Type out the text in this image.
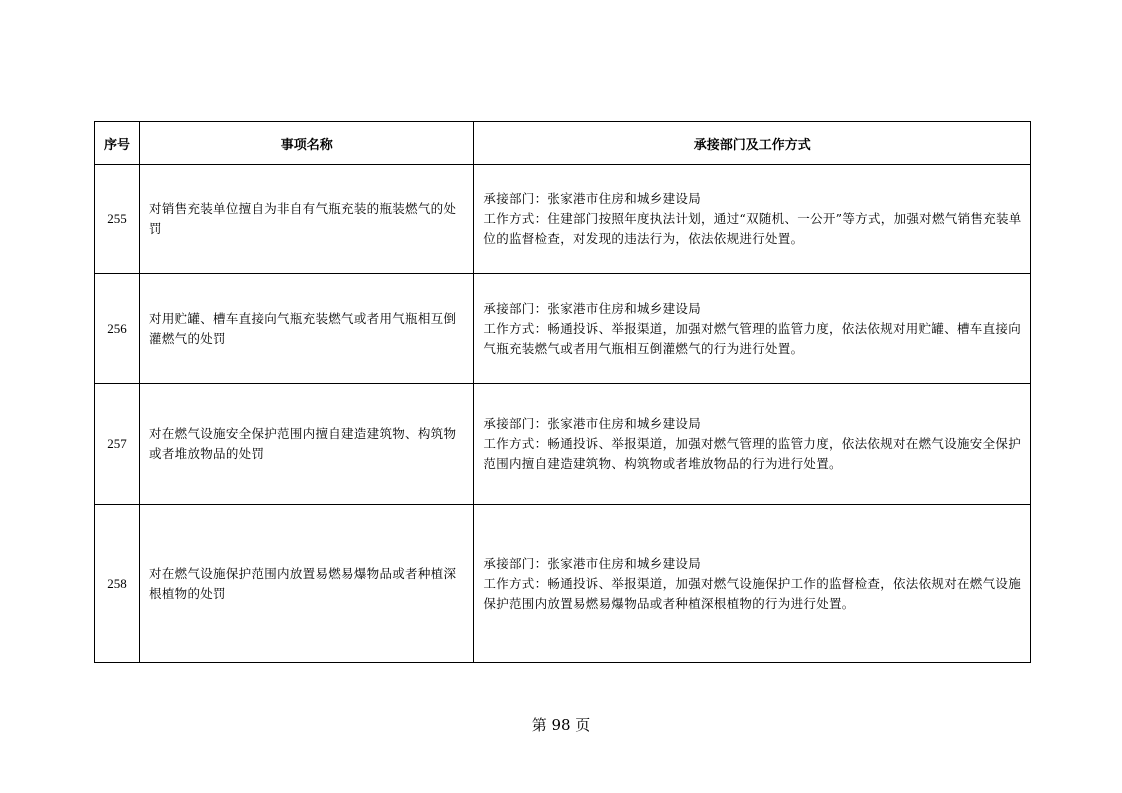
序号	事项名称	承接部门及工作方式
255	对销售充装单位擅自为非自有气瓶充装的瓶装燃气的处罚	承接部门：张家港市住房和城乡建设局
工作方式：住建部门按照年度执法计划，通过“双随机、一公开”等方式，加强对燃气销售充装单位的监督检查，对发现的违法行为，依法依规进行处置。

256	对用贮罐、槽车直接向气瓶充装燃气或者用气瓶相互倒灌燃气的处罚	承接部门：张家港市住房和城乡建设局
工作方式：畅通投诉、举报渠道，加强对燃气管理的监管力度，依法依规对用贮罐、槽车直接向气瓶充装燃气或者用气瓶相互倒灌燃气的行为进行处置。

257	对在燃气设施安全保护范围内擅自建造建筑物、构筑物或者堆放物品的处罚	承接部门：张家港市住房和城乡建设局
工作方式：畅通投诉、举报渠道，加强对燃气管理的监管力度，依法依规对在燃气设施安全保护范围内擅自建造建筑物、构筑物或者堆放物品的行为进行处置。

258	对在燃气设施保护范围内放置易燃易爆物品或者种植深根植物的处罚	承接部门：张家港市住房和城乡建设局
工作方式：畅通投诉、举报渠道，加强对燃气设施保护工作的监督检查，依法依规对在燃气设施保护范围内放置易燃易爆物品或者种植深根植物的行为进行处置。
第 98 页
